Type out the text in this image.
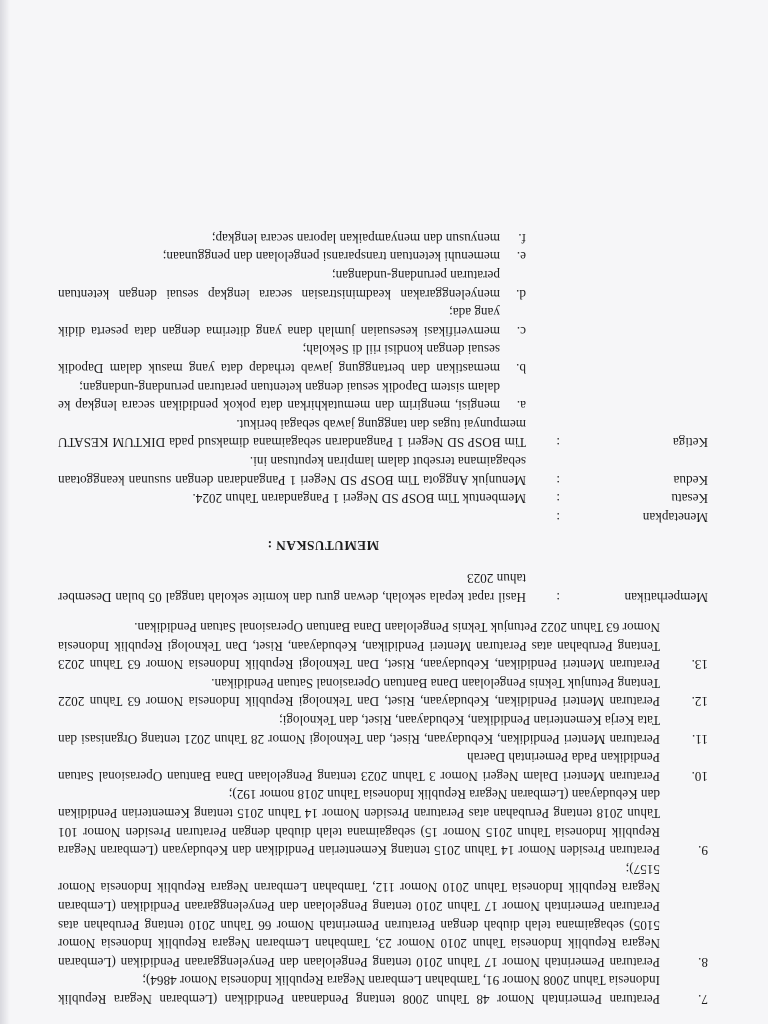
7.
Peraturan Pemerintah Nomor 48 Tahun 2008 tentang Pendanaan Pendidikan (Lembaran Negara Republik Indonesia Tahun 2008 Nomor 91, Tambahan Lembaran Negara Republik Indonesia Nomor 4864);
8.
Peraturan Pemerintah Nomor 17 Tahun 2010 tentang Pengelolaan dan Penyelenggaraan Pendidikan (Lembaran Negara Republik Indonesia Tahun 2010 Nomor 23, Tambahan Lembaran Negara Republik Indonesia Nomor 5105) sebagaimana telah diubah dengan Peraturan Pemerintah Nomor 66 Tahun 2010 tentang Perubahan atas Peraturan Pemerintah Nomor 17 Tahun 2010 tentang Pengelolaan dan Penyelenggaraan Pendidikan (Lembaran Negara Republik Indonesia Tahun 2010 Nomor 112, Tambahan Lembaran Negara Republik Indonesia Nomor 5157);
9.
Peraturan Presiden Nomor 14 Tahun 2015 tentang Kementerian Pendidikan dan Kebudayaan (Lembaran Negara Republik Indonesia Tahun 2015 Nomor 15) sebagaimana telah diubah dengan Peraturan Presiden Nomor 101 Tahun 2018 tentang Perubahan atas Peraturan Presiden Nomor 14 Tahun 2015 tentang Kementerian Pendidikan dan Kebudayaan (Lembaran Negara Republik Indonesia Tahun 2018 nomor 192);
10.
Peraturan Menteri Dalam Negeri Nomor 3 Tahun 2023 tentang Pengelolaan Dana Bantuan Operasional Satuan Pendidikan Pada Pemerintah Daerah
11.
Peraturan Menteri Pendidikan, Kebudayaan, Riset, dan Teknologi Nomor 28 Tahun 2021 tentang Organisasi dan Tata Kerja Kementerian Pendidikan, Kebudayaan, Riset, dan Teknologi;
12.
Peraturan Menteri Pendidikan, Kebudayaan, Riset, Dan Teknologi Republik Indonesia Nomor 63 Tahun 2022 Tentang Petunjuk Teknis Pengelolaan Dana Bantuan Operasional Satuan Pendidikan.
13.
Peraturan Menteri Pendidikan, Kebudayaan, Riset, Dan Teknologi Republik Indonesia Nomor 63 Tahun 2023 Tentang Perubahan atas Peraturan Menteri Pendidikan, Kebudayaan, Riset, Dan Teknologi Republik Indonesia Nomor 63 Tahun 2022 Petunjuk Teknis Pengelolaan Dana Bantuan Operasional Satuan Pendidikan.
Memperhatikan
:
Hasil rapat kepala sekolah, dewan guru dan komite sekolah tanggal 05 bulan Desember tahun 2023
MEMUTUSKAN :
Menetapkan
:
Kesatu
:
Membentuk Tim BOSP SD Negeri 1 Pangandaran Tahun 2024.
Kedua
:
Menunjuk Anggota Tim BOSP SD Negeri 1 Pangandaran dengan susunan keanggotaan sebagaimana tersebut dalam lampiran keputusan ini.
Ketiga
:
Tim BOSP SD Negeri 1 Pangandaran sebagaimana dimaksud pada DIKTUM KESATU mempunyai tugas dan tanggung jawab sebagai berikut.
a.
mengisi, mengirim dan memutakhirkan data pokok pendidikan secara lengkap ke dalam sistem Dapodik sesuai dengan ketentuan peraturan perundang-undangan;
b.
memastikan dan bertanggung jawab terhadap data yang masuk dalam Dapodik sesuai dengan kondisi riil di Sekolah;
c.
memverifikasi kesesuaian jumlah dana yang diterima dengan data peserta didik yang ada;
d.
menyelenggarakan keadministrasian secara lengkap sesuai dengan ketentuan peraturan perundang-undangan;
e.
memenuhi ketentuan transparansi pengelolaan dan penggunaan;
f.
menyusun dan menyampaikan laporan secara lengkap;
